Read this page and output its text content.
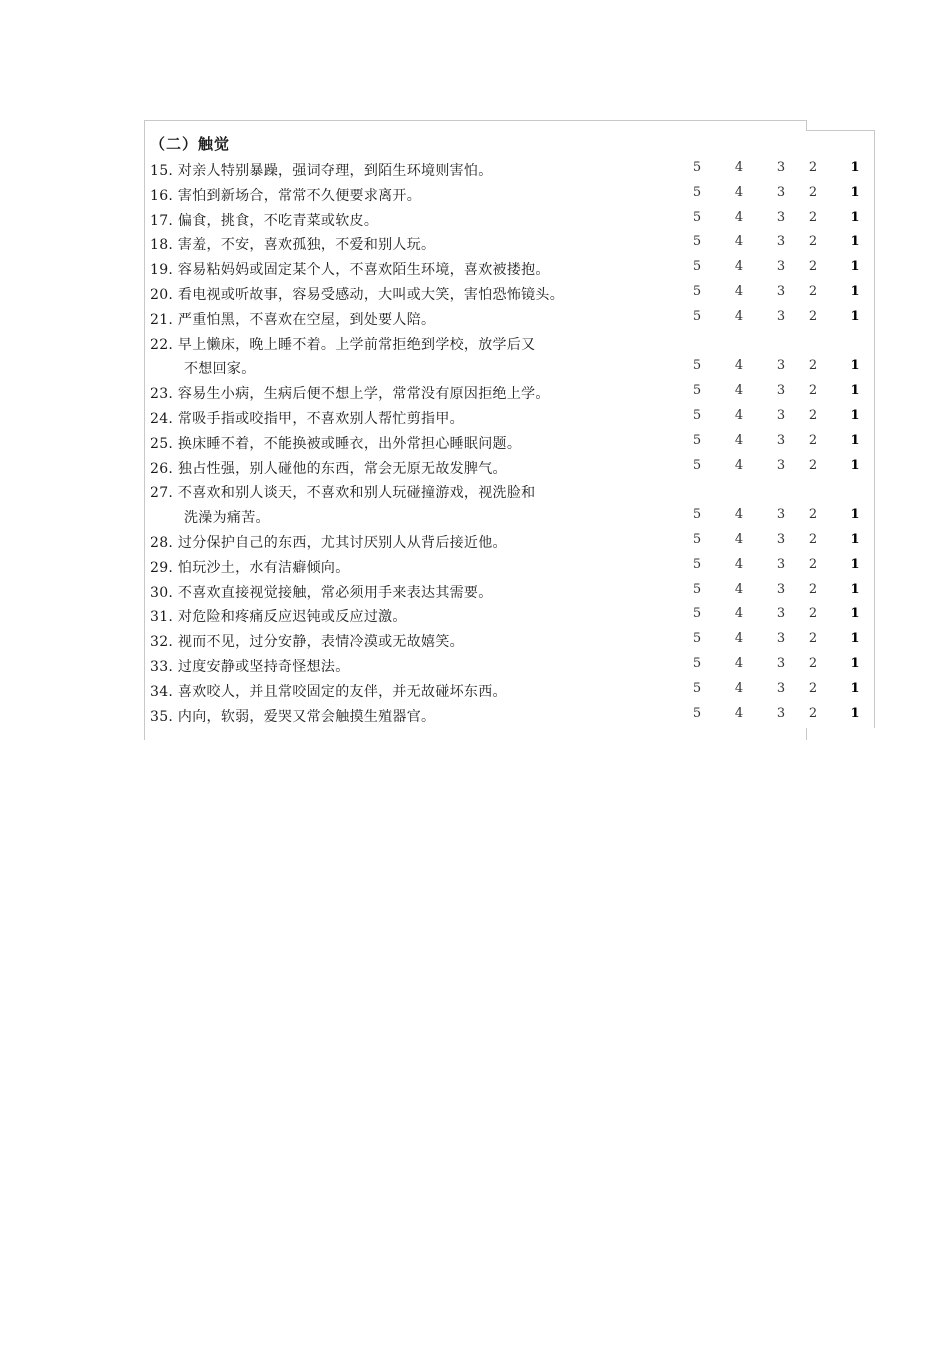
（二）触觉
15. 对亲人特别暴躁，强词夺理，到陌生环境则害怕。	5	4	3 2	1
16. 害怕到新场合，常常不久便要求离开。	5	4	3 2	1
17. 偏食，挑食，不吃青菜或软皮。	5	4	3 2	1
18. 害羞，不安，喜欢孤独，不爱和别人玩。	5	4	3 2	1
19. 容易粘妈妈或固定某个人，不喜欢陌生环境，喜欢被搂抱。	5	4	3 2	1
20. 看电视或听故事，容易受感动，大叫或大笑，害怕恐怖镜头。	5	4	3 2	1
21. 严重怕黑，不喜欢在空屋，到处要人陪。	5	4	3 2	1
22. 早上懒床，晚上睡不着。上学前常拒绝到学校，放学后又
不想回家。	5	4	3 2	1
23. 容易生小病，生病后便不想上学，常常没有原因拒绝上学。	5	4	3 2	1
24. 常吸手指或咬指甲，不喜欢别人帮忙剪指甲。	5	4	3 2	1
25. 换床睡不着，不能换被或睡衣，出外常担心睡眠问题。	5	4	3 2	1
26. 独占性强，别人碰他的东西，常会无原无故发脾气。	5	4	3 2	1
27. 不喜欢和别人谈天，不喜欢和别人玩碰撞游戏，视洗脸和
洗澡为痛苦。	5	4	3 2	1
28. 过分保护自己的东西，尤其讨厌别人从背后接近他。	5	4	3 2	1
29. 怕玩沙土，水有洁癖倾向。	5	4	3 2	1
30. 不喜欢直接视觉接触，常必须用手来表达其需要。	5	4	3 2	1
31. 对危险和疼痛反应迟钝或反应过激。	5	4	3 2	1
32. 视而不见，过分安静，表情冷漠或无故嬉笑。	5	4	3 2	1
33. 过度安静或坚持奇怪想法。	5	4	3 2	1
34. 喜欢咬人，并且常咬固定的友伴，并无故碰坏东西。	5	4	3 2	1
35. 内向，软弱，爱哭又常会触摸生殖器官。	5	4	3 2	1
